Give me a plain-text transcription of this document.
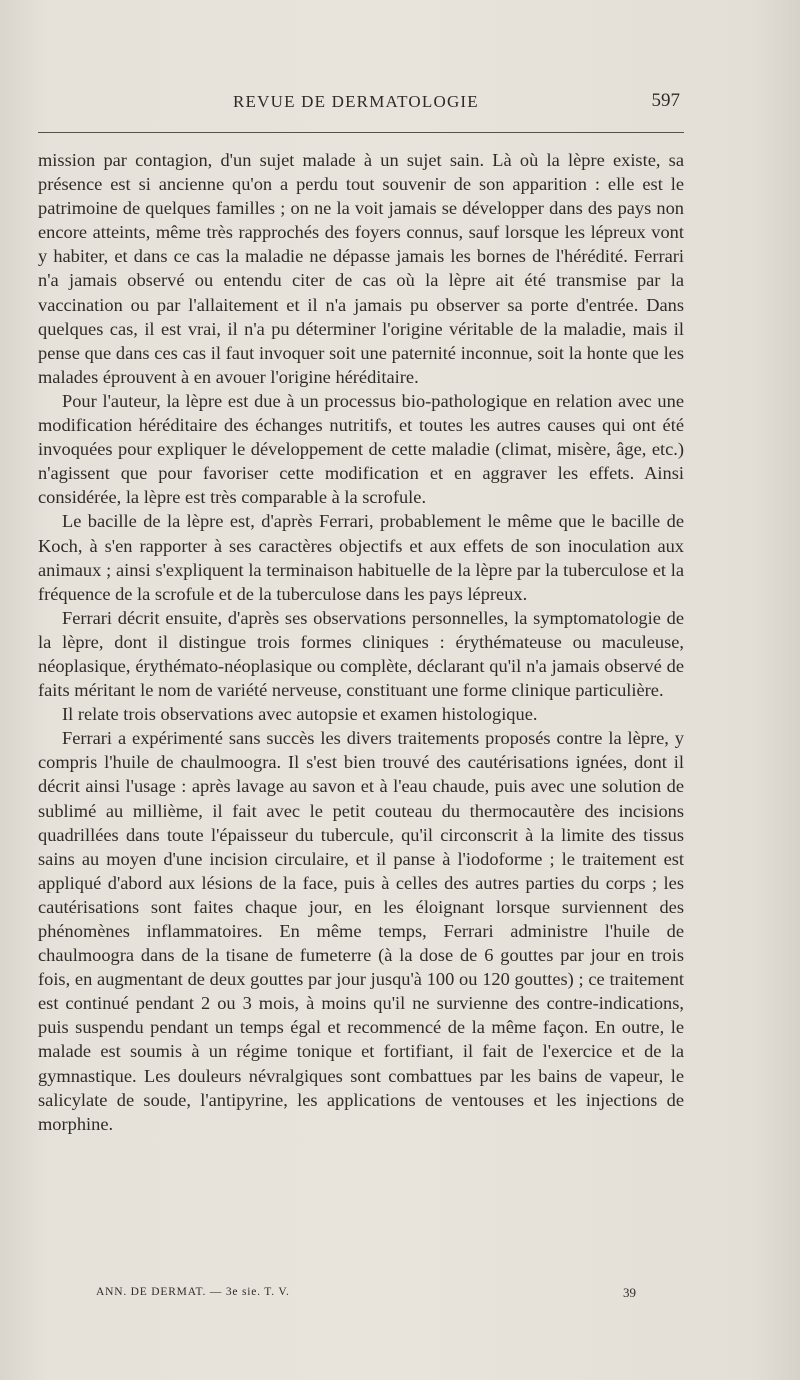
REVUE DE DERMATOLOGIE	597

mission par contagion, d'un sujet malade à un sujet sain. Là où la lèpre existe, sa présence est si ancienne qu'on a perdu tout souvenir de son apparition : elle est le patrimoine de quelques familles ; on ne la voit jamais se développer dans des pays non encore atteints, même très rapprochés des foyers connus, sauf lorsque les lépreux vont y habiter, et dans ce cas la maladie ne dépasse jamais les bornes de l'hérédité. Ferrari n'a jamais observé ou entendu citer de cas où la lèpre ait été transmise par la vaccination ou par l'allaitement et il n'a jamais pu observer sa porte d'entrée. Dans quelques cas, il est vrai, il n'a pu déterminer l'origine véritable de la maladie, mais il pense que dans ces cas il faut invoquer soit une paternité inconnue, soit la honte que les malades éprouvent à en avouer l'origine héréditaire.

Pour l'auteur, la lèpre est due à un processus bio-pathologique en relation avec une modification héréditaire des échanges nutritifs, et toutes les autres causes qui ont été invoquées pour expliquer le développement de cette maladie (climat, misère, âge, etc.) n'agissent que pour favoriser cette modification et en aggraver les effets. Ainsi considérée, la lèpre est très comparable à la scrofule.

Le bacille de la lèpre est, d'après Ferrari, probablement le même que le bacille de Koch, à s'en rapporter à ses caractères objectifs et aux effets de son inoculation aux animaux ; ainsi s'expliquent la terminaison habituelle de la lèpre par la tuberculose et la fréquence de la scrofule et de la tuberculose dans les pays lépreux.

Ferrari décrit ensuite, d'après ses observations personnelles, la symptomatologie de la lèpre, dont il distingue trois formes cliniques : érythémateuse ou maculeuse, néoplasique, érythémato-néoplasique ou complète, déclarant qu'il n'a jamais observé de faits méritant le nom de variété nerveuse, constituant une forme clinique particulière.

Il relate trois observations avec autopsie et examen histologique.

Ferrari a expérimenté sans succès les divers traitements proposés contre la lèpre, y compris l'huile de chaulmoogra. Il s'est bien trouvé des cautérisations ignées, dont il décrit ainsi l'usage : après lavage au savon et à l'eau chaude, puis avec une solution de sublimé au millième, il fait avec le petit couteau du thermocautère des incisions quadrillées dans toute l'épaisseur du tubercule, qu'il circonscrit à la limite des tissus sains au moyen d'une incision circulaire, et il panse à l'iodoforme ; le traitement est appliqué d'abord aux lésions de la face, puis à celles des autres parties du corps ; les cautérisations sont faites chaque jour, en les éloignant lorsque surviennent des phénomènes inflammatoires. En même temps, Ferrari administre l'huile de chaulmoogra dans de la tisane de fumeterre (à la dose de 6 gouttes par jour en trois fois, en augmentant de deux gouttes par jour jusqu'à 100 ou 120 gouttes) ; ce traitement est continué pendant 2 ou 3 mois, à moins qu'il ne survienne des contre-indications, puis suspendu pendant un temps égal et recommencé de la même façon. En outre, le malade est soumis à un régime tonique et fortifiant, il fait de l'exercice et de la gymnastique. Les douleurs névralgiques sont combattues par les bains de vapeur, le salicylate de soude, l'antipyrine, les applications de ventouses et les injections de morphine.

ANN. DE DERMAT. — 3e sie. T. V.	39
